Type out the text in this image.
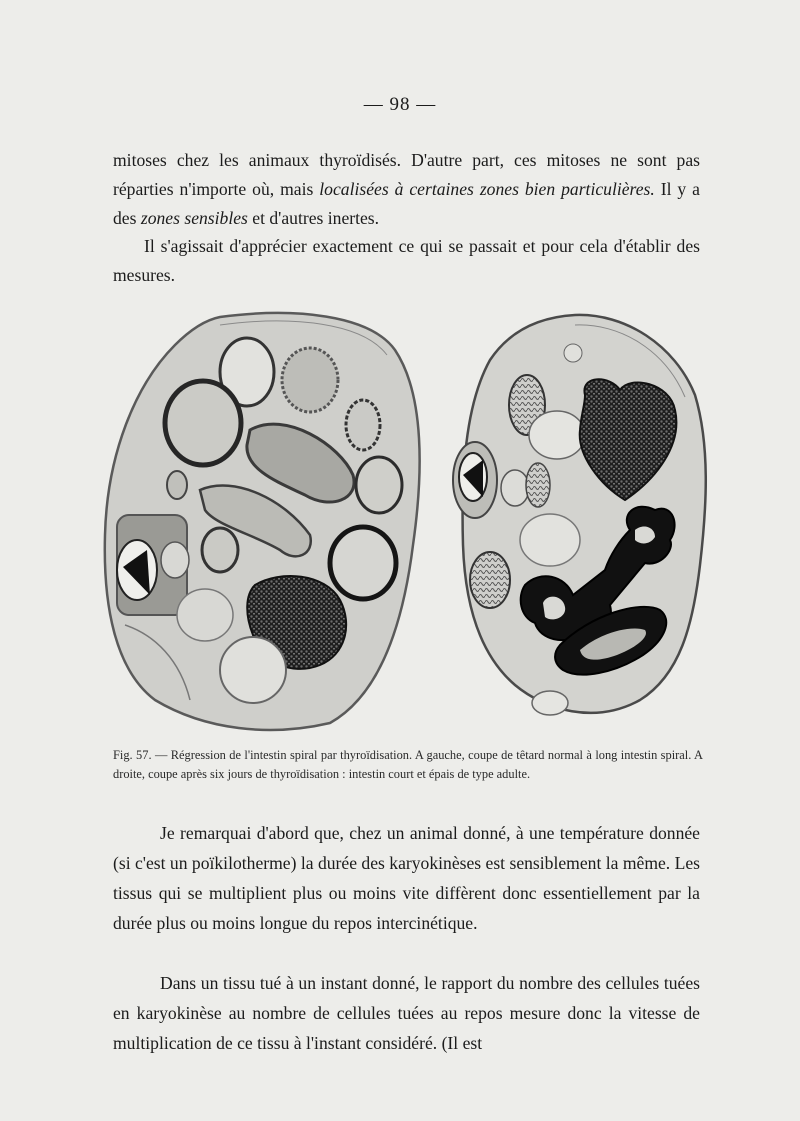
— 98 —

mitoses chez les animaux thyroïdisés. D'autre part, ces mitoses ne sont pas réparties n'importe où, mais localisées à certaines zones bien particulières. Il y a des zones sensibles et d'autres inertes.

Il s'agissait d'apprécier exactement ce qui se passait et pour cela d'établir des mesures.

Fig. 57. — Régression de l'intestin spiral par thyroïdisation. A gauche, coupe de têtard normal à long intestin spiral. A droite, coupe après six jours de thyroïdisation : intestin court et épais de type adulte.

Je remarquai d'abord que, chez un animal donné, à une température donnée (si c'est un poïkilotherme) la durée des karyokinèses est sensiblement la même. Les tissus qui se multiplient plus ou moins vite diffèrent donc essentiellement par la durée plus ou moins longue du repos intercinétique.

Dans un tissu tué à un instant donné, le rapport du nombre des cellules tuées en karyokinèse au nombre de cellules tuées au repos mesure donc la vitesse de multiplication de ce tissu à l'instant considéré. (Il est
